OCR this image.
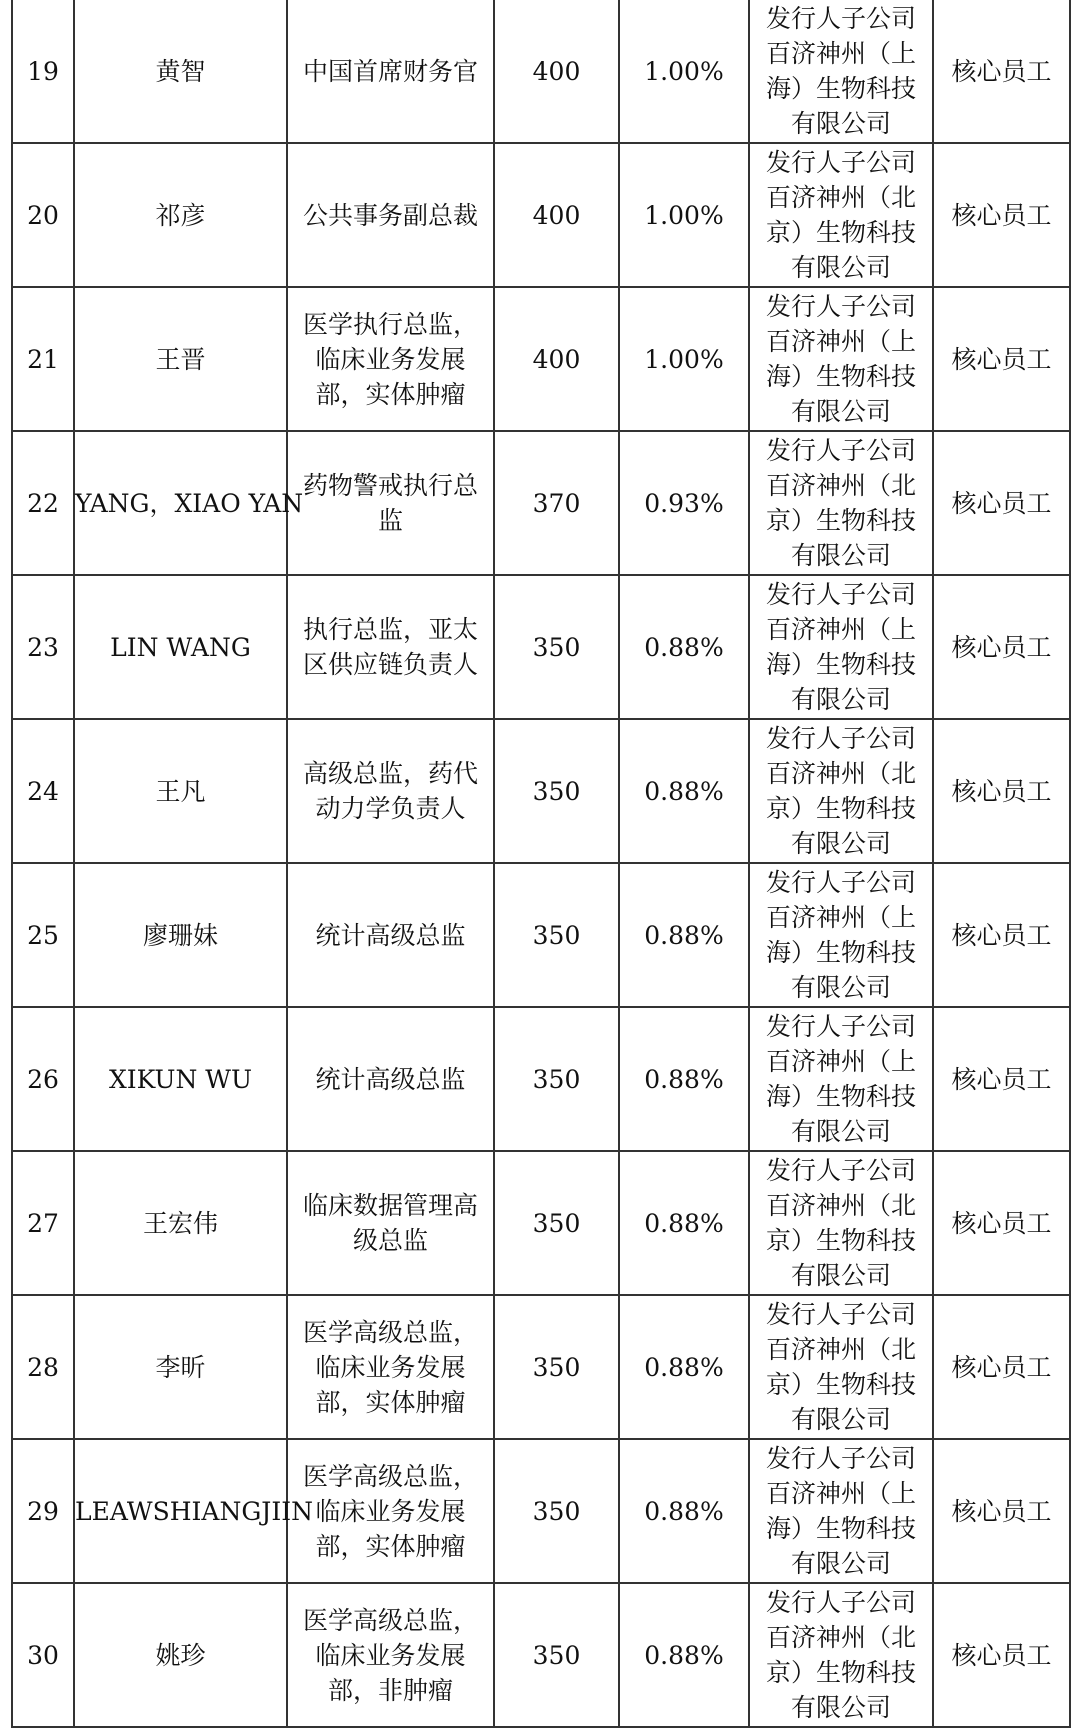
19	黄智	中国首席财务官	400	1.00%	发行人子公司百济神州（上海）生物科技有限公司	核心员工
20	祁彦	公共事务副总裁	400	1.00%	发行人子公司百济神州（北京）生物科技有限公司	核心员工
21	王晋	医学执行总监，临床业务发展部，实体肿瘤	400	1.00%	发行人子公司百济神州（上海）生物科技有限公司	核心员工
22	YANG，XIAO YAN	药物警戒执行总监	370	0.93%	发行人子公司百济神州（北京）生物科技有限公司	核心员工
23	LIN WANG	执行总监，亚太区供应链负责人	350	0.88%	发行人子公司百济神州（上海）生物科技有限公司	核心员工
24	王凡	高级总监，药代动力学负责人	350	0.88%	发行人子公司百济神州（北京）生物科技有限公司	核心员工
25	廖珊妹	统计高级总监	350	0.88%	发行人子公司百济神州（上海）生物科技有限公司	核心员工
26	XIKUN WU	统计高级总监	350	0.88%	发行人子公司百济神州（上海）生物科技有限公司	核心员工
27	王宏伟	临床数据管理高级总监	350	0.88%	发行人子公司百济神州（北京）生物科技有限公司	核心员工
28	李昕	医学高级总监，临床业务发展部，实体肿瘤	350	0.88%	发行人子公司百济神州（北京）生物科技有限公司	核心员工
29	LEAWSHIANGJIIN	医学高级总监，临床业务发展部，实体肿瘤	350	0.88%	发行人子公司百济神州（上海）生物科技有限公司	核心员工
30	姚珍	医学高级总监，临床业务发展部，非肿瘤	350	0.88%	发行人子公司百济神州（北京）生物科技有限公司	核心员工
